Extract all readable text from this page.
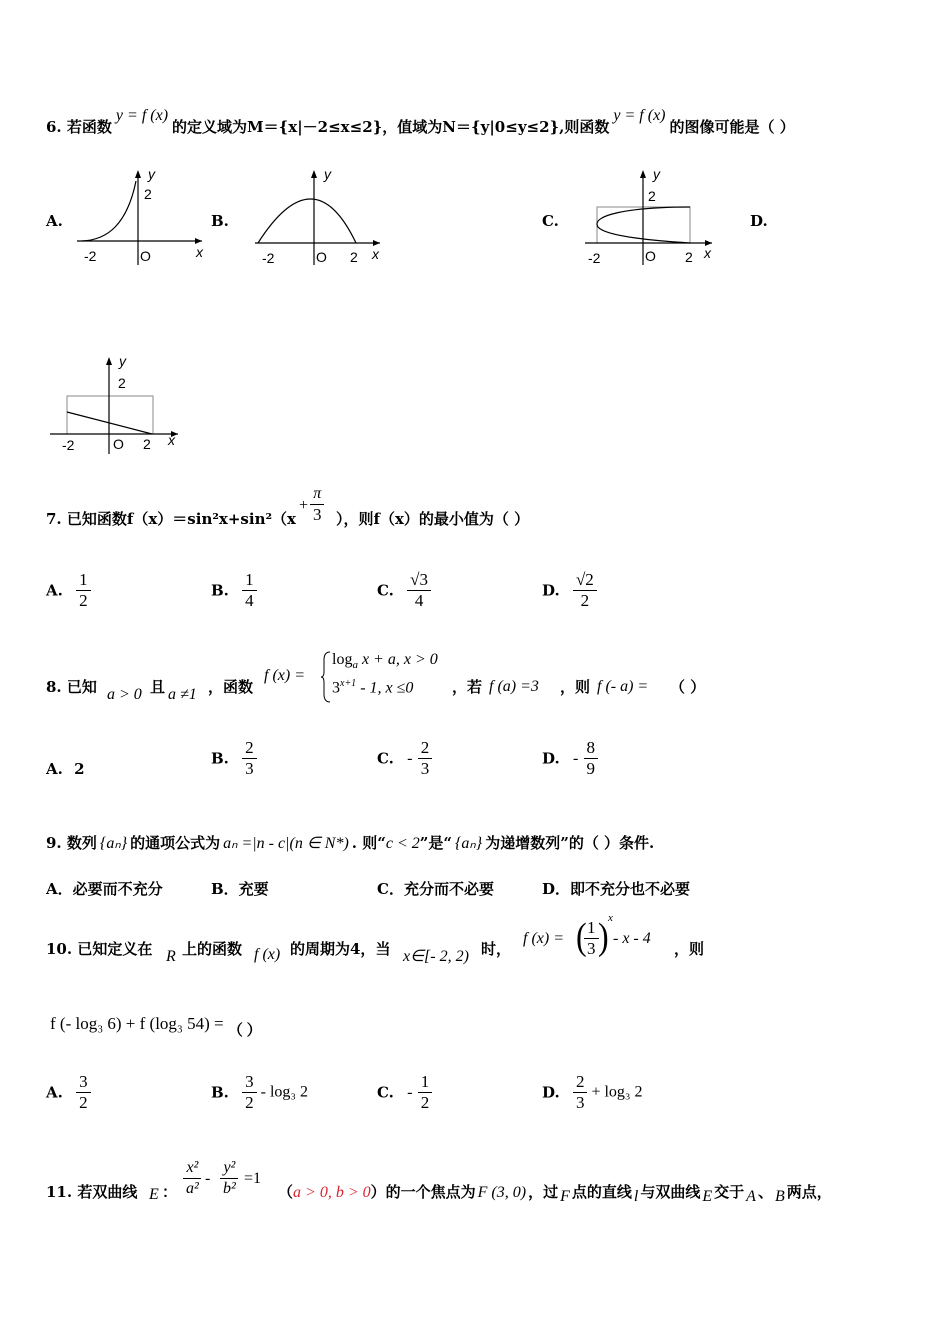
6. 若函数y = f (x)的定义域为M＝{x|－2≤x≤2}，值域为N＝{y|0≤y≤2},则函数y = f (x)的图像可能是（ ）
A.	B.	C.	D.
y
2
-2	O	x
y
-2	O 2 x
y
2
-2	O 2 x
y
2
-2	O 2 x
7. 已知函数f（x）＝sin²x+sin²（x
+ $\frac{\pi}{3}$ ），则f（x）的最小值为（ ）
A. $\frac{1}{2}$	B. $\frac{1}{4}$	C. $\frac{√3}{4}$	D. $\frac{√2}{2}$
8. 已知 a > 0 且 a ≠1 ，函数
f (x) =
$\log_a x + a$, x > 0
$3^{x+1} - 1$, x ≤0	，若 f (a) =3 ，则 f (- a) = （ ）
A. 2
B. $\frac{2}{3}$	C. - $\frac{2}{3}$	D. - $\frac{8}{9}$
9. 数列 {aₙ} 的通项公式为 aₙ =|n - c|(n ∈ N*) . 则“c < 2”是“ {aₙ} 为递增数列”的（ ）条件.
A．必要而不充分	B．充要	C．充分而不必要	D．即不充分也不必要
10. 已知定义在 R 上的函数 f (x) 的周期为4，当 x∈[- 2, 2) 时，
f (x) = (
$\frac{1}{3}$ ) x
- x - 4
，则
f (- log₃ 6) + f (log₃ 54) = （ ）
A. $\frac{3}{2}$	B. $\frac{3}{2} - \log_3$ 2	C. - $\frac{1}{2}$	D. $\frac{2}{3} + \log_3$ 2
11. 若双曲线 E ： $\frac{\text{x²}}{\text{a²}} - \frac{\text{y²}}{\text{b²}} =1$
（a > 0, b > 0）的一个焦点为 F (3, 0) ，过 F 点的直线 l 与双曲线 E 交于 A 、 B 两点，
